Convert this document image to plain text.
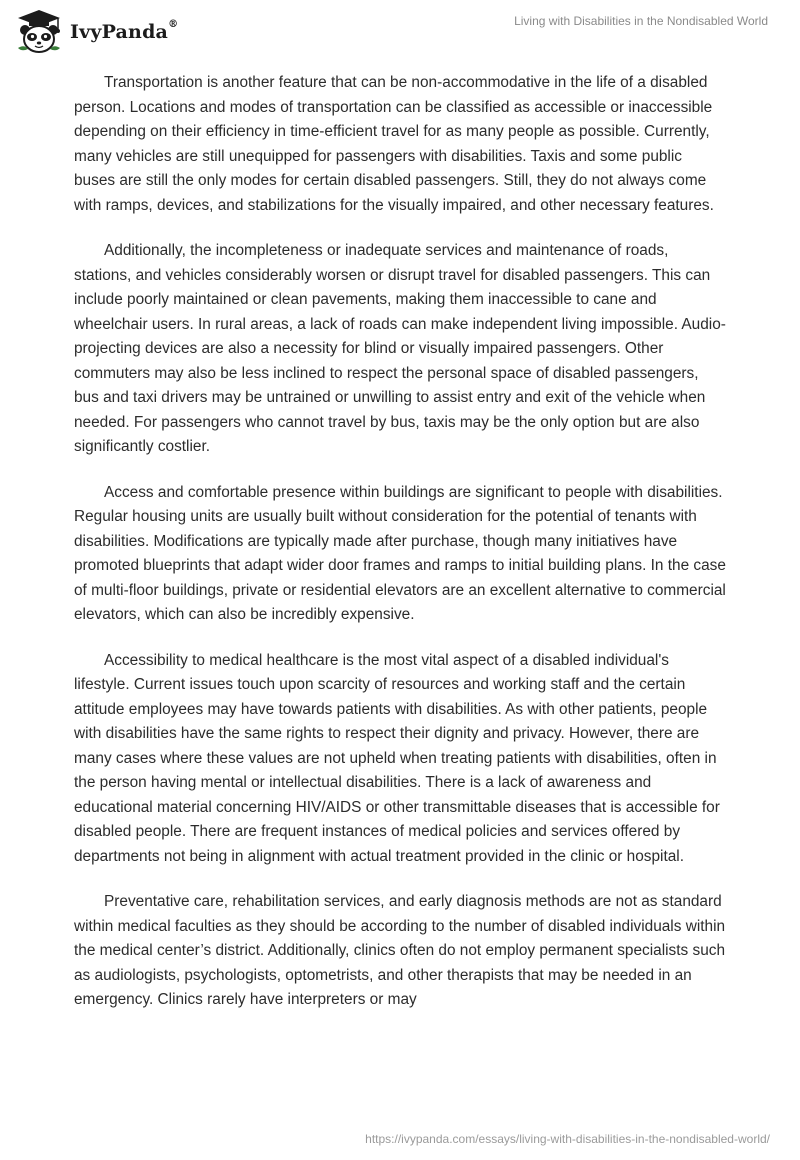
IvyPanda®	Living with Disabilities in the Nondisabled World

Transportation is another feature that can be non-accommodative in the life of a disabled person. Locations and modes of transportation can be classified as accessible or inaccessible depending on their efficiency in time-efficient travel for as many people as possible. Currently, many vehicles are still unequipped for passengers with disabilities. Taxis and some public buses are still the only modes for certain disabled passengers. Still, they do not always come with ramps, devices, and stabilizations for the visually impaired, and other necessary features.

Additionally, the incompleteness or inadequate services and maintenance of roads, stations, and vehicles considerably worsen or disrupt travel for disabled passengers. This can include poorly maintained or clean pavements, making them inaccessible to cane and wheelchair users. In rural areas, a lack of roads can make independent living impossible. Audio-projecting devices are also a necessity for blind or visually impaired passengers. Other commuters may also be less inclined to respect the personal space of disabled passengers, bus and taxi drivers may be untrained or unwilling to assist entry and exit of the vehicle when needed. For passengers who cannot travel by bus, taxis may be the only option but are also significantly costlier.

Access and comfortable presence within buildings are significant to people with disabilities. Regular housing units are usually built without consideration for the potential of tenants with disabilities. Modifications are typically made after purchase, though many initiatives have promoted blueprints that adapt wider door frames and ramps to initial building plans. In the case of multi-floor buildings, private or residential elevators are an excellent alternative to commercial elevators, which can also be incredibly expensive.

Accessibility to medical healthcare is the most vital aspect of a disabled individual's lifestyle. Current issues touch upon scarcity of resources and working staff and the certain attitude employees may have towards patients with disabilities. As with other patients, people with disabilities have the same rights to respect their dignity and privacy. However, there are many cases where these values are not upheld when treating patients with disabilities, often in the person having mental or intellectual disabilities. There is a lack of awareness and educational material concerning HIV/AIDS or other transmittable diseases that is accessible for disabled people. There are frequent instances of medical policies and services offered by departments not being in alignment with actual treatment provided in the clinic or hospital.

Preventative care, rehabilitation services, and early diagnosis methods are not as standard within medical faculties as they should be according to the number of disabled individuals within the medical center’s district. Additionally, clinics often do not employ permanent specialists such as audiologists, psychologists, optometrists, and other therapists that may be needed in an emergency. Clinics rarely have interpreters or may

https://ivypanda.com/essays/living-with-disabilities-in-the-nondisabled-world/
